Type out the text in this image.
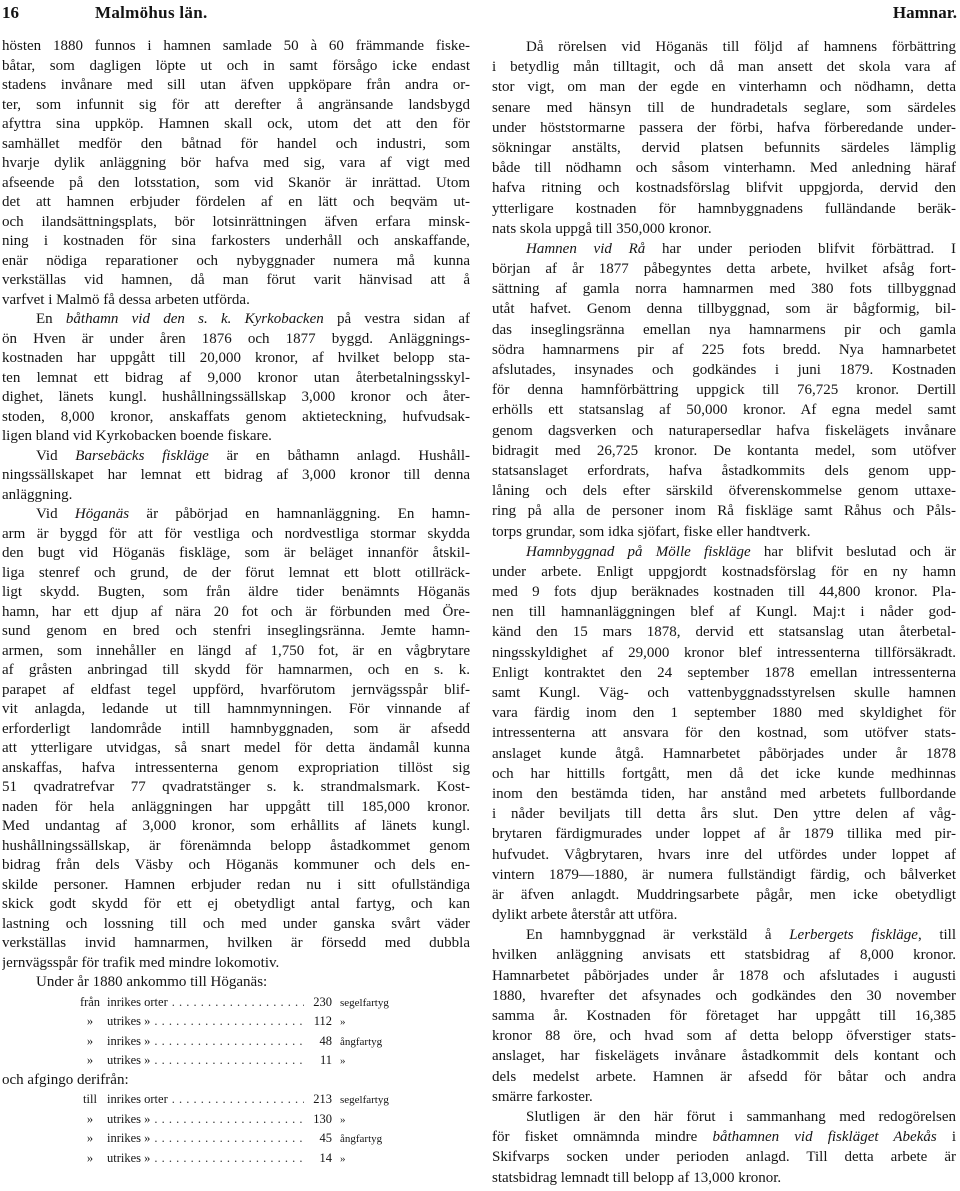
16	Malmöhus län.	Hamnar.
hösten 1880 funnos i hamnen samlade 50 à 60 främmande fiske-
båtar, som dagligen löpte ut och in samt försågo icke endast
stadens invånare med sill utan äfven uppköpare från andra or-
ter, som infunnit sig för att derefter å angränsande landsbygd
afyttra sina uppköp. Hamnen skall ock, utom det att den för
samhället medför den båtnad för handel och industri, som
hvarje dylik anläggning bör hafva med sig, vara af vigt med
afseende på den lotsstation, som vid Skanör är inrättad. Utom
det att hamnen erbjuder fördelen af en lätt och beqväm ut-
och ilandsättningsplats, bör lotsinrättningen äfven erfara minsk-
ning i kostnaden för sina farkosters underhåll och anskaffande,
enär nödiga reparationer och nybyggnader numera må kunna
verkställas vid hamnen, då man förut varit hänvisad att å
varfvet i Malmö få dessa arbeten utförda.
En båthamn vid den s. k. Kyrkobacken på vestra sidan af
ön Hven är under åren 1876 och 1877 byggd. Anläggnings-
kostnaden har uppgått till 20,000 kronor, af hvilket belopp sta-
ten lemnat ett bidrag af 9,000 kronor utan återbetalningsskyl-
dighet, länets kungl. hushållningssällskap 3,000 kronor och åter-
stoden, 8,000 kronor, anskaffats genom aktieteckning, hufvudsak-
ligen bland vid Kyrkobacken boende fiskare.
Vid Barsebäcks fiskläge är en båthamn anlagd. Hushåll-
ningssällskapet har lemnat ett bidrag af 3,000 kronor till denna
anläggning.
Vid Höganäs är påbörjad en hamnanläggning. En hamn-
arm är byggd för att för vestliga och nordvestliga stormar skydda
den bugt vid Höganäs fiskläge, som är beläget innanför åtskil-
liga stenref och grund, de der förut lemnat ett blott otillräck-
ligt skydd. Bugten, som från äldre tider benämnts Höganäs
hamn, har ett djup af nära 20 fot och är förbunden med Öre-
sund genom en bred och stenfri inseglingsränna. Jemte hamn-
armen, som innehåller en längd af 1,750 fot, är en vågbrytare
af gråsten anbringad till skydd för hamnarmen, och en s. k.
parapet af eldfast tegel uppförd, hvarförutom jernvägsspår blif-
vit anlagda, ledande ut till hamnmynningen. För vinnande af
erforderligt landområde intill hamnbyggnaden, som är afsedd
att ytterligare utvidgas, så snart medel för detta ändamål kunna
anskaffas, hafva intressenterna genom expropriation tillöst sig
51 qvadratrefvar 77 qvadratstänger s. k. strandmalsmark. Kost-
naden för hela anläggningen har uppgått till 185,000 kronor.
Med undantag af 3,000 kronor, som erhållits af länets kungl.
hushållningssällskap, är förenämnda belopp åstadkommet genom
bidrag från dels Väsby och Höganäs kommuner och dels en-
skilde personer. Hamnen erbjuder redan nu i sitt ofullständiga
skick godt skydd för ett ej obetydligt antal fartyg, och kan
lastning och lossning till och med under ganska svårt väder
verkställas invid hamnarmen, hvilken är försedd med dubbla
jernvägsspår för trafik med mindre lokomotiv.
Under år 1880 ankommo till Höganäs:
från inrikes orter . . .	230 segelfartyg
»	utrikes » . . .	112 »
»	inrikes » . . .	48 ångfartyg
»	utrikes » . . .	11 »
och afgingo derifrån:
till inrikes orter . . .	213 segelfartyg
»	utrikes » . . .	130 »
»	inrikes » . . .	45 ångfartyg
»	utrikes » . . .	14 »
Då rörelsen vid Höganäs till följd af hamnens förbättring
i betydlig mån tilltagit, och då man ansett det skola vara af
stor vigt, om man der egde en vinterhamn och nödhamn, detta
senare med hänsyn till de hundradetals seglare, som särdeles
under höststormarne passera der förbi, hafva förberedande under-
sökningar anstälts, dervid platsen befunnits särdeles lämplig
både till nödhamn och såsom vinterhamn. Med anledning häraf
hafva ritning och kostnadsförslag blifvit uppgjorda, dervid den
ytterligare kostnaden för hamnbyggnadens fulländande beräk-
nats skola uppgå till 350,000 kronor.
Hamnen vid Rå har under perioden blifvit förbättrad. I
början af år 1877 påbegyntes detta arbete, hvilket afsåg fort-
sättning af gamla norra hamnarmen med 380 fots tillbyggnad
utåt hafvet. Genom denna tillbyggnad, som är bågformig, bil-
das inseglingsränna emellan nya hamnarmens pir och gamla
södra hamnarmens pir af 225 fots bredd. Nya hamnarbetet
afslutades, insynades och godkändes i juni 1879. Kostnaden
för denna hamnförbättring uppgick till 76,725 kronor. Dertill
erhölls ett statsanslag af 50,000 kronor. Af egna medel samt
genom dagsverken och naturapersedlar hafva fiskelägets invånare
bidragit med 26,725 kronor. De kontanta medel, som utöfver
statsanslaget erfordrats, hafva åstadkommits dels genom upp-
låning och dels efter särskild öfverenskommelse genom uttaxe-
ring på alla de personer inom Rå fiskläge samt Råhus och Påls-
torps grundar, som idka sjöfart, fiske eller handtverk.
Hamnbyggnad på Mölle fiskläge har blifvit beslutad och är
under arbete. Enligt uppgjordt kostnadsförslag för en ny hamn
med 9 fots djup beräknades kostnaden till 44,800 kronor. Pla-
nen till hamnanläggningen blef af Kungl. Maj:t i nåder god-
känd den 15 mars 1878, dervid ett statsanslag utan återbetal-
ningsskyldighet af 29,000 kronor blef intressenterna tillförsäkradt.
Enligt kontraktet den 24 september 1878 emellan intressenterna
samt Kungl. Väg- och vattenbyggnadsstyrelsen skulle hamnen
vara färdig inom den 1 september 1880 med skyldighet för
intressenterna att ansvara för den kostnad, som utöfver stats-
anslaget kunde åtgå. Hamnarbetet påbörjades under år 1878
och har hittills fortgått, men då det icke kunde medhinnas
inom den bestämda tiden, har anstånd med arbetets fullbordande
i nåder beviljats till detta års slut. Den yttre delen af våg-
brytaren färdigmurades under loppet af år 1879 tillika med pir-
hufvudet. Vågbrytaren, hvars inre del utfördes under loppet af
vintern 1879—1880, är numera fullständigt färdig, och bålverket
är äfven anlagdt. Muddringsarbete pågår, men icke obetydligt
dylikt arbete återstår att utföra.
En hamnbyggnad är verkstäld å Lerbergets fiskläge, till
hvilken anläggning anvisats ett statsbidrag af 8,000 kronor.
Hamnarbetet påbörjades under år 1878 och afslutades i augusti
1880, hvarefter det afsynades och godkändes den 30 november
samma år. Kostnaden för företaget har uppgått till 16,385
kronor 88 öre, och hvad som af detta belopp öfverstiger stats-
anslaget, har fiskelägets invånare åstadkommit dels kontant och
dels medelst arbete. Hamnen är afsedd för båtar och andra
smärre farkoster.
Slutligen är den här förut i sammanhang med redogörelsen
för fisket omnämnda mindre båthamnen vid fiskläget Abekås i
Skifvarps socken under perioden anlagd. Till detta arbete är
statsbidrag lemnadt till belopp af 13,000 kronor.
